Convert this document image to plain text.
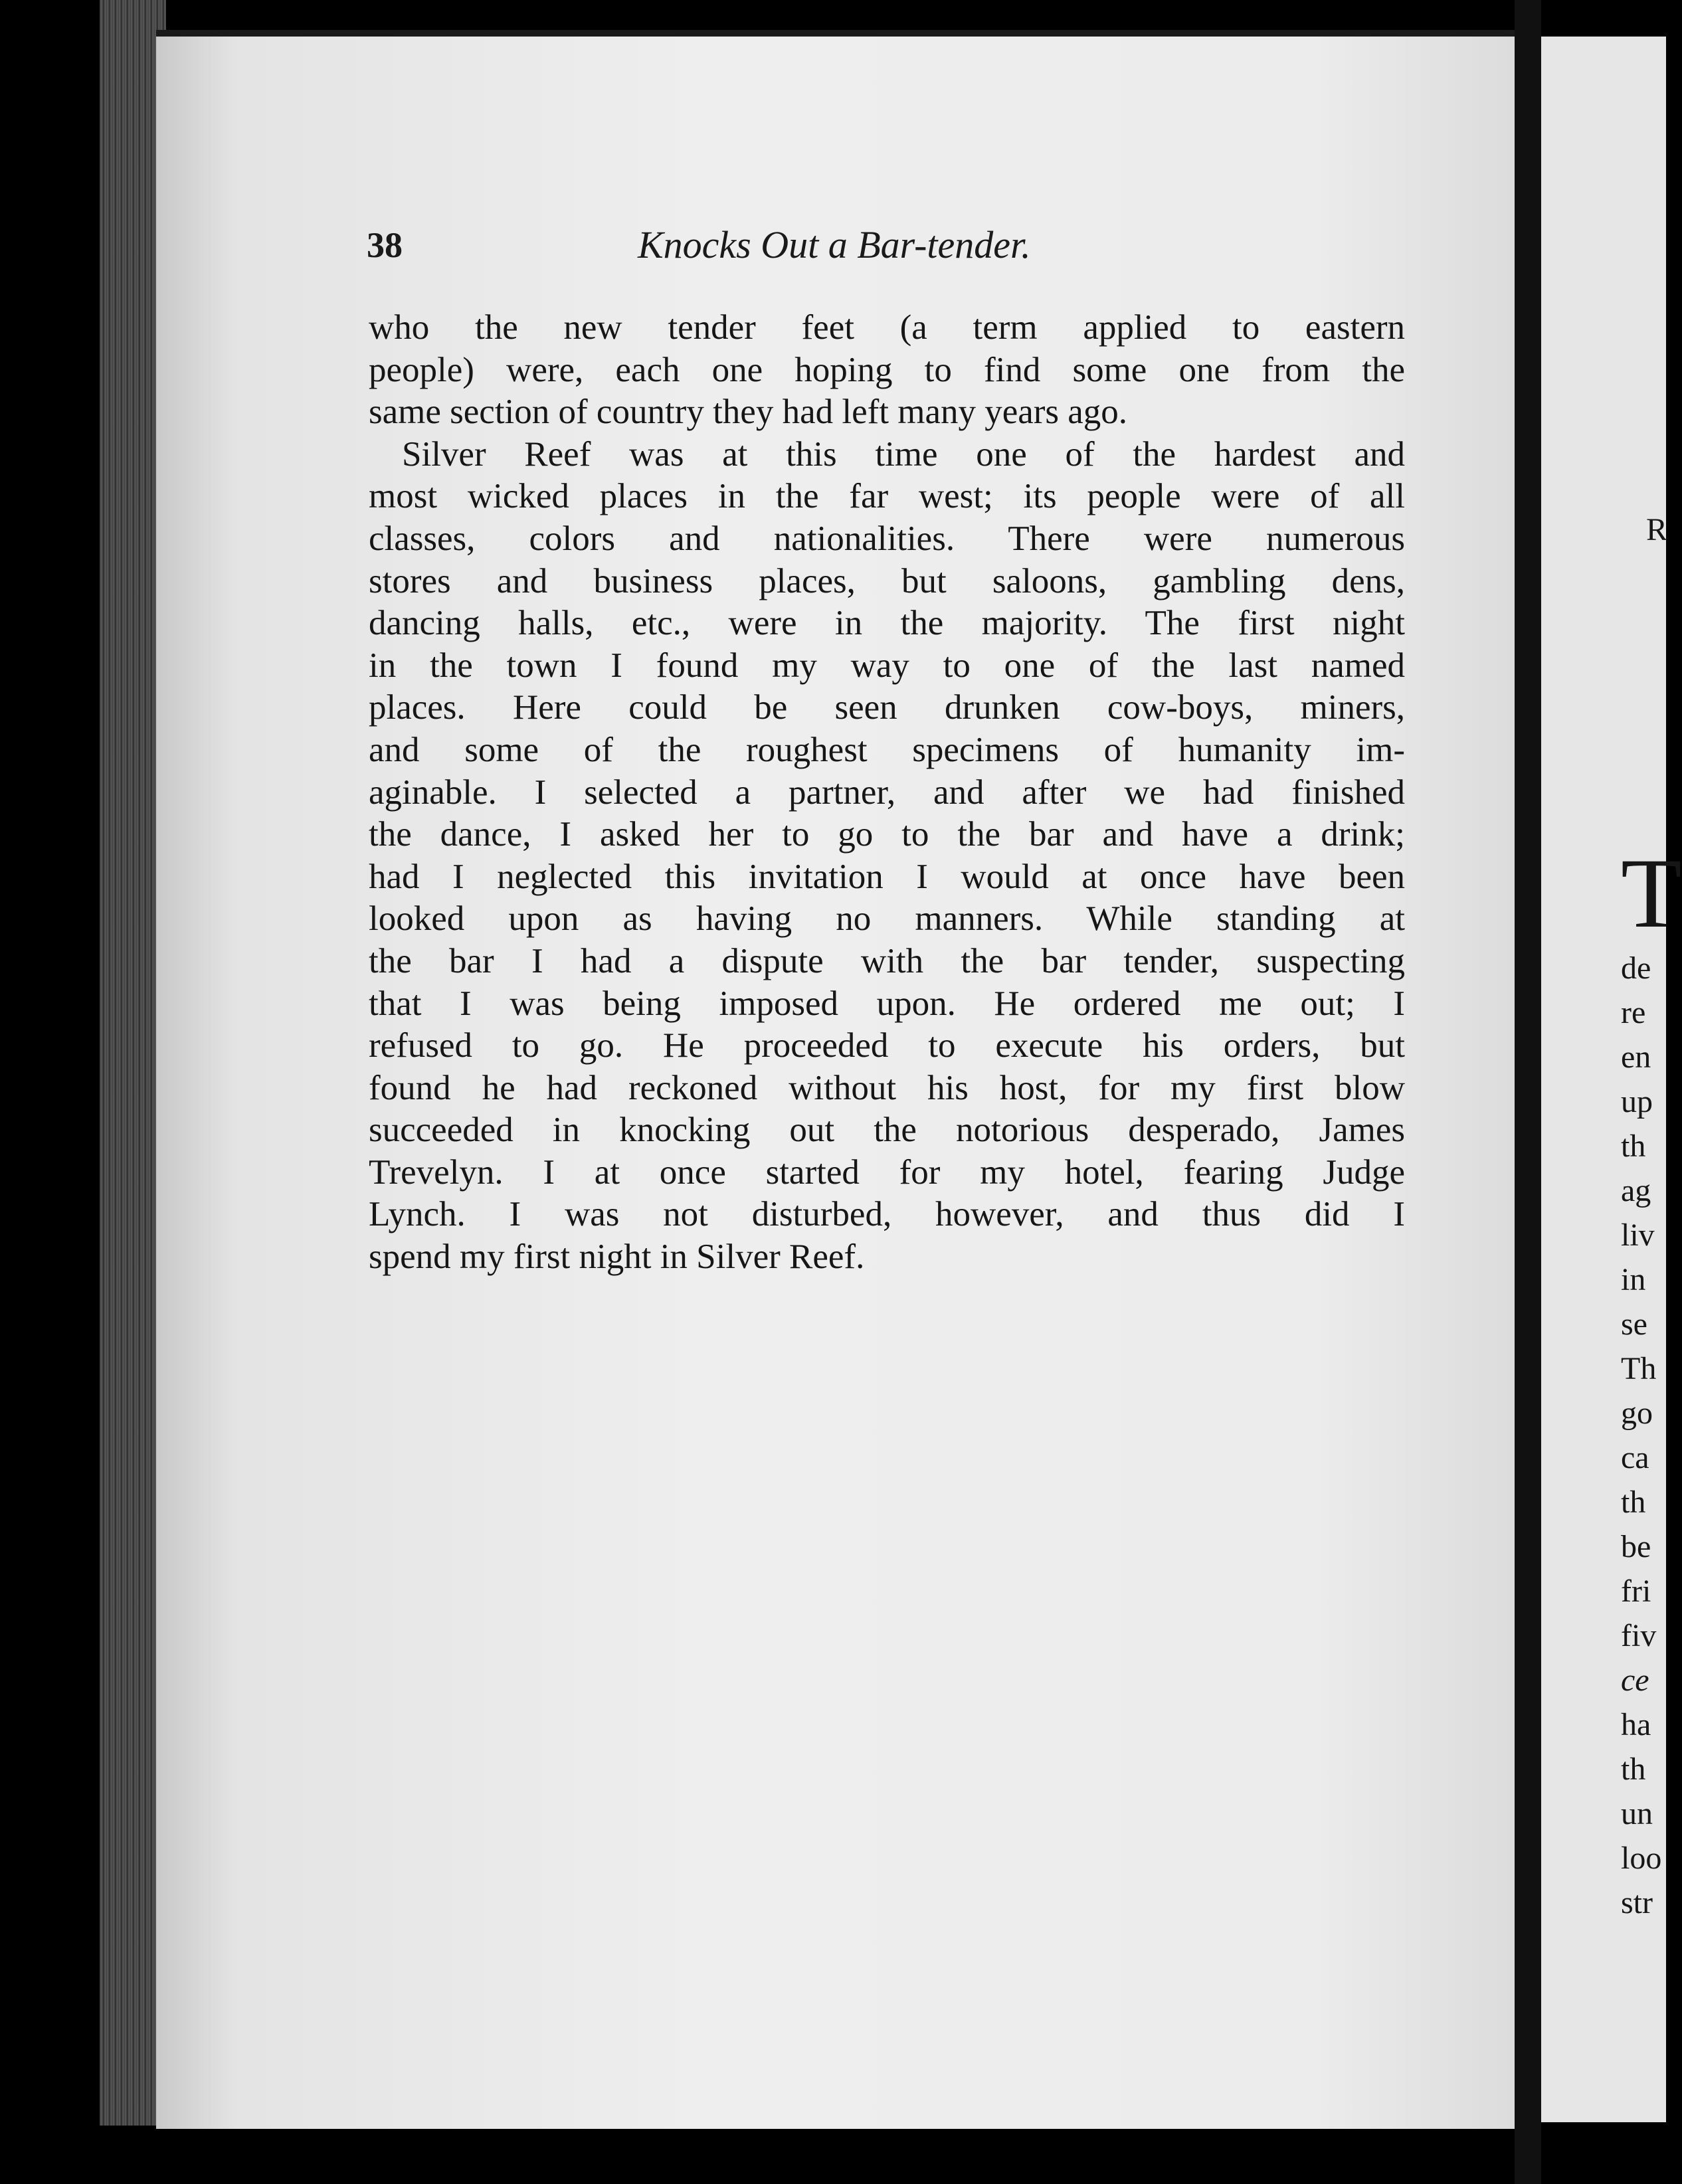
38	Knocks Out a Bar-tender.
who the new tender feet (a term applied to eastern
people) were, each one hoping to find some one from the
same section of country they had left many years ago.
Silver Reef was at this time one of the hardest and
most wicked places in the far west; its people were of all
classes, colors and nationalities. There were numerous
stores and business places, but saloons, gambling dens,
dancing halls, etc., were in the majority. The first night
in the town I found my way to one of the last named
places. Here could be seen drunken cow-boys, miners,
and some of the roughest specimens of humanity im-
aginable. I selected a partner, and after we had finished
the dance, I asked her to go to the bar and have a drink;
had I neglected this invitation I would at once have been
looked upon as having no manners. While standing at
the bar I had a dispute with the bar tender, suspecting
that I was being imposed upon. He ordered me out; I
refused to go. He proceeded to execute his orders, but
found he had reckoned without his host, for my first blow
succeeded in knocking out the notorious desperado, James
Trevelyn. I at once started for my hotel, fearing Judge
Lynch. I was not disturbed, however, and thus did I
spend my first night in Silver Reef.
R
T
de
re
en
up
th
ag
liv
in
se
Th
go
ca
th
be
fri
fiv
ce
ha
th
un
loo
str
